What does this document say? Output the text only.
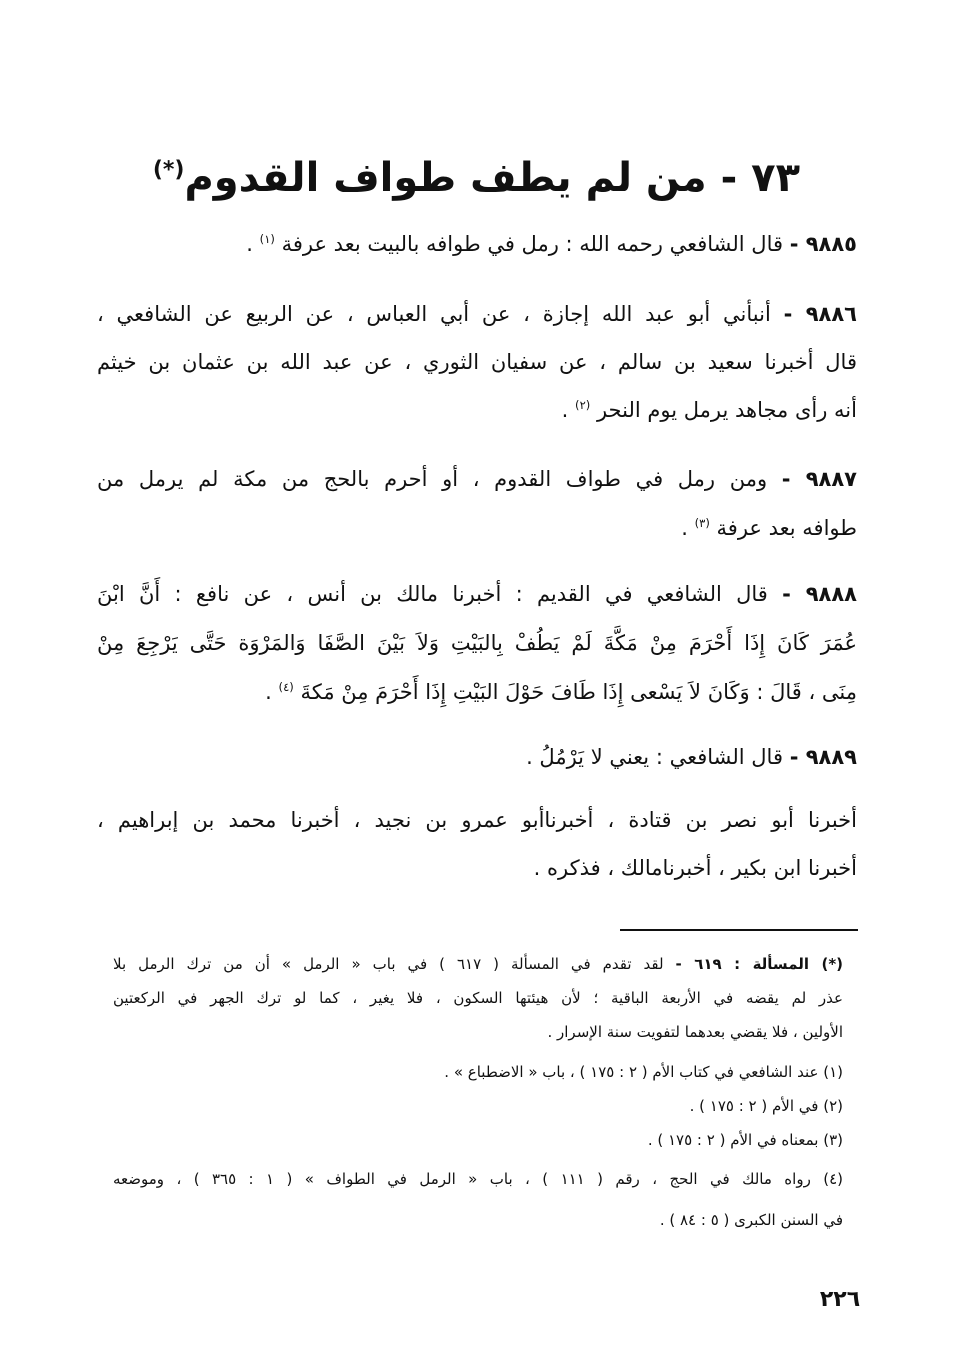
٧٣ - من لم يطف طواف القدوم(*)
٩٨٨٥ - قال الشافعي رحمه الله : رمل في طوافه بالبيت بعد عرفة $^{(١)}$ .
٩٨٨٦ - أنبأني أبو عبد الله إجازة ، عن أبي العباس ، عن الربيع عن الشافعي ،
قال أخبرنا سعيد بن سالم ، عن سفيان الثوري ، عن عبد الله بن عثمان بن خيثم
أنه رأى مجاهد يرمل يوم النحر $^{(٢)}$ .
٩٨٨٧ - ومن رمل في طواف القدوم ، أو أحرم بالحج من مكة لم يرمل من
طوافه بعد عرفة $^{(٣)}$ .
٩٨٨٨ - قال الشافعي في القديم : أخبرنا مالك بن أنس ، عن نافع : أَنَّ ابْنَ
عُمَرَ كَانَ إِذَا أَحْرَمَ مِنْ مَكَّةَ لَمْ يَطُفْ بِالبَيْتِ وَلاَ بَيْنَ الصَّفَا وَالمَرْوَة حَتَّى يَرْجِعَ مِنْ
مِنَى ، قَالَ : وَكَانَ لاَ يَسْعى إِذَا طَافَ حَوْلَ البَيْتِ إِذَا أَحْرَمَ مِنْ مَكةَ $^{(٤)}$ .
٩٨٨٩ - قال الشافعي : يعني لا يَرْمُلُ .
أخبرنا أبو نصر بن قتادة ، أخبرناأبو عمرو بن نجيد ، أخبرنا محمد بن إبراهيم ،
أخبرنا ابن بكير ، أخبرنامالك ، فذكره .
(*) المسألة : ٦١٩ - لقد تقدم في المسألة ( ٦١٧ ) في باب « الرمل » أن من ترك الرمل بلا
عذر لم يقضه في الأربعة الباقية ؛ لأن هيئتها السكون ، فلا يغير ، كما لو ترك الجهر في الركعتين
الأولين ، فلا يقضي بعدهما لتفويت سنة الإسرار .
(١) عند الشافعي في كتاب الأم ( ٢ : ١٧٥ ) ، باب « الاضطباع » .
(٢) في الأم ( ٢ : ١٧٥ ) .
(٣) بمعناه في الأم ( ٢ : ١٧٥ ) .
(٤) رواه مالك في الحج ، رقم ( ١١١ ) ، باب « الرمل في الطواف » ( ١ : ٣٦٥ ) ، وموضعه
في السنن الكبرى ( ٥ : ٨٤ ) .
٢٢٦
